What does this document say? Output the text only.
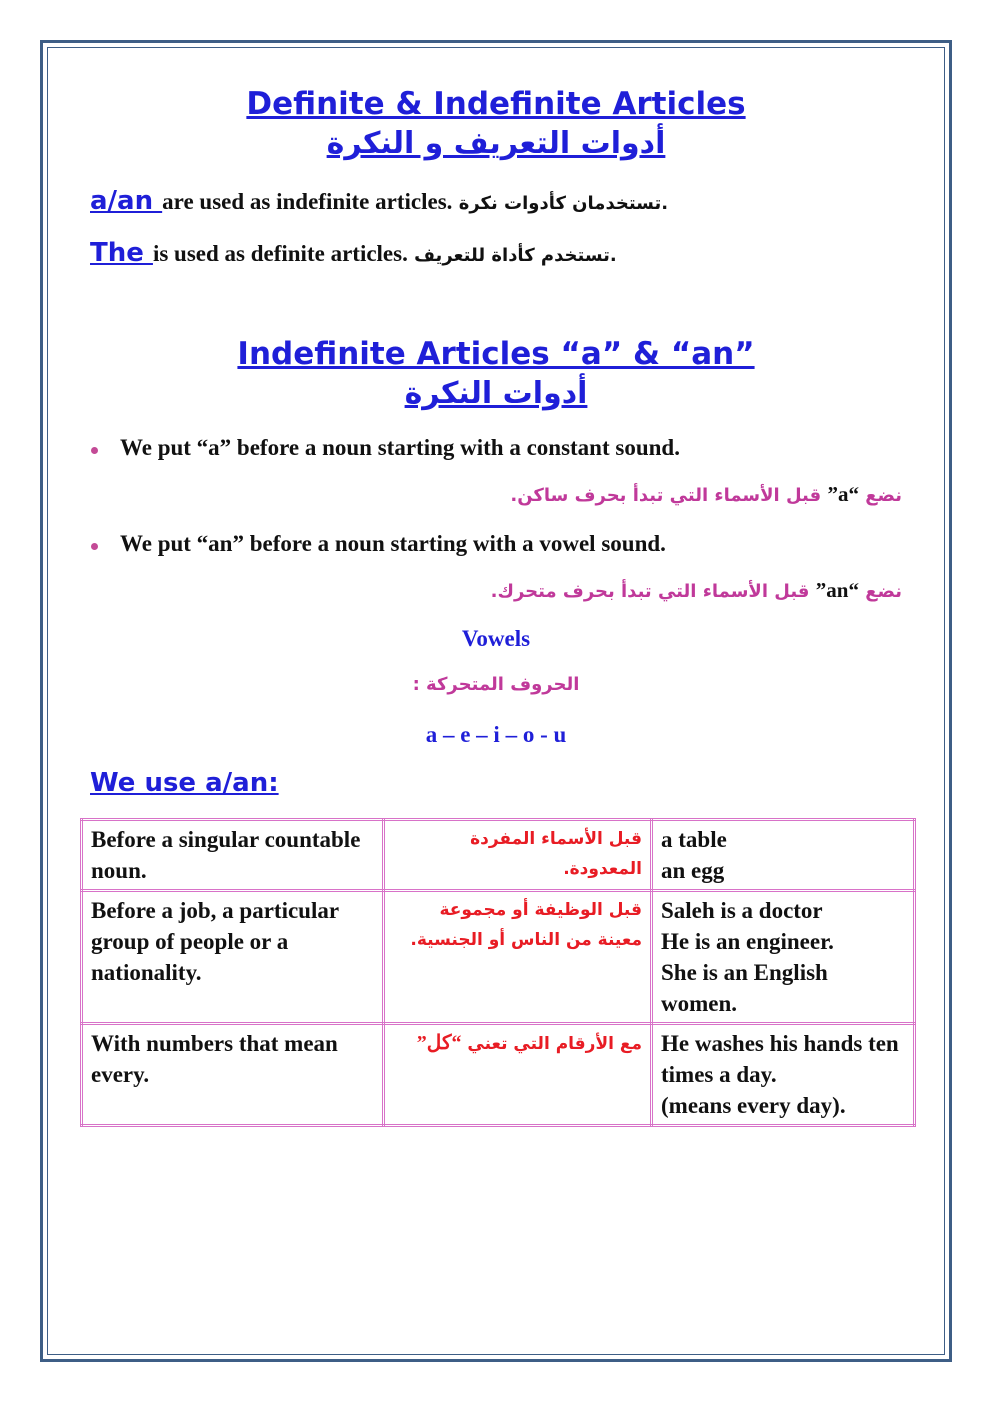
Definite & Indefinite Articles
أدوات التعريف و النكرة
a/an are used as indefinite articles. تستخدمان كأدوات نكرة.
The is used as definite articles. تستخدم كأداة للتعريف.
Indefinite Articles “a” & “an”
أدوات النكرة
We put “a” before a noun starting with a constant sound.
نضع “a” قبل الأسماء التي تبدأ بحرف ساكن.
We put “an” before a noun starting with a vowel sound.
نضع “an” قبل الأسماء التي تبدأ بحرف متحرك.
Vowels
الحروف المتحركة :
a – e – i – o - u
We use a/an:
Before a singular countable noun.	قبل الأسماء المفردة المعدودة.	a table
an egg
Before a job, a particular group of people or a nationality.	قبل الوظيفة أو مجموعة معينة من الناس أو الجنسية.	Saleh is a doctor
He is an engineer.
She is an English women.
With numbers that mean every.	مع الأرقام التي تعني “كل”	He washes his hands ten times a day.
(means every day).
